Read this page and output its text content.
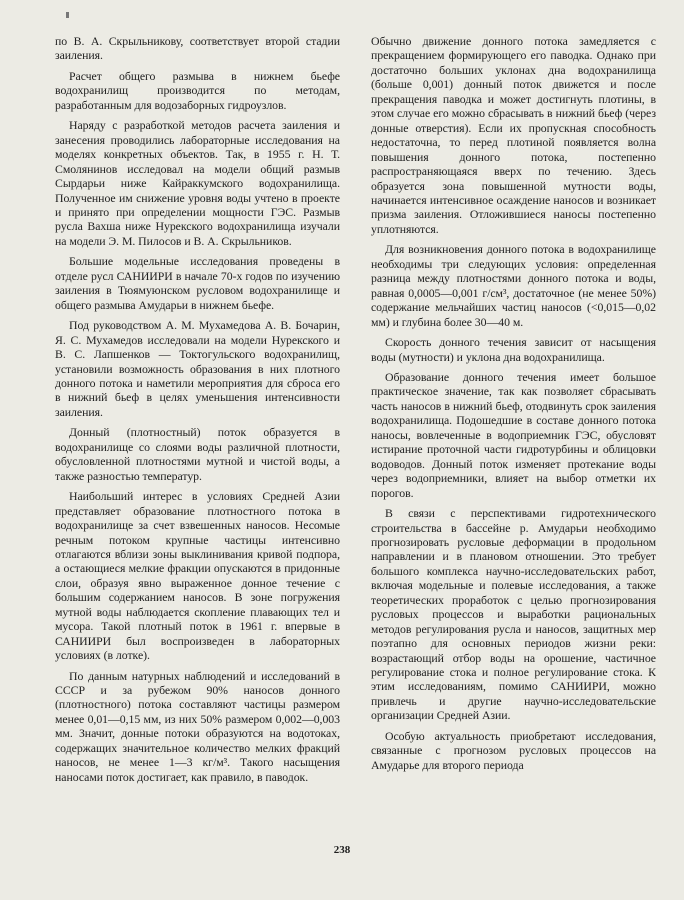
по В. А. Скрыльникову, соответствует второй стадии заиления.

Расчет общего размыва в нижнем бьефе водохранилищ производится по методам, разработанным для водозаборных гидроузлов.

Наряду с разработкой методов расчета заиления и занесения проводились лабораторные исследования на моделях конкретных объектов. Так, в 1955 г. Н. Т. Смолянинов исследовал на модели общий размыв Сырдарьи ниже Кайраккумского водохранилища. Полученное им снижение уровня воды учтено в проекте и принято при определении мощности ГЭС. Размыв русла Вахша ниже Нурекского водохранилища изучали на модели Э. М. Пилосов и В. А. Скрыльников.

Большие модельные исследования проведены в отделе русл САНИИРИ в начале 70-х годов по изучению заиления в Тюямуюнском русловом водохранилище и общего размыва Амударьи в нижнем бьефе.

Под руководством А. М. Мухамедова А. В. Бочарин, Я. С. Мухамедов исследовали на модели Нурекского и В. С. Лапшенков — Токтогульского водохранилищ, установили возможность образования в них плотного донного потока и наметили мероприятия для сброса его в нижний бьеф в целях уменьшения интенсивности заиления.

Донный (плотностный) поток образуется в водохранилище со слоями воды различной плотности, обусловленной плотностями мутной и чистой воды, а также разностью температур.

Наибольший интерес в условиях Средней Азии представляет образование плотностного потока в водохранилище за счет взвешенных наносов. Несомые речным потоком крупные частицы интенсивно отлагаются вблизи зоны выклинивания кривой подпора, а остающиеся мелкие фракции опускаются в придонные слои, образуя явно выраженное донное течение с большим содержанием наносов. В зоне погружения мутной воды наблюдается скопление плавающих тел и мусора. Такой плотный поток в 1961 г. впервые в САНИИРИ был воспроизведен в лабораторных условиях (в лотке).

По данным натурных наблюдений и исследований в СССР и за рубежом 90% наносов донного (плотностного) потока составляют частицы размером менее 0,01—0,15 мм, из них 50% размером 0,002—0,003 мм. Значит, донные потоки образуются на водотоках, содержащих значительное количество мелких фракций наносов, не менее 1—3 кг/м³. Такого насыщения наносами поток достигает, как правило, в паводок.

Обычно движение донного потока замедляется с прекращением формирующего его паводка. Однако при достаточно больших уклонах дна водохранилища (больше 0,001) донный поток движется и после прекращения паводка и может достигнуть плотины, в этом случае его можно сбрасывать в нижний бьеф (через донные отверстия). Если их пропускная способность недостаточна, то перед плотиной появляется волна повышения донного потока, постепенно распространяющаяся вверх по течению. Здесь образуется зона повышенной мутности воды, начинается интенсивное осаждение наносов и возникает призма заиления. Отложившиеся наносы постепенно уплотняются.

Для возникновения донного потока в водохранилище необходимы три следующих условия: определенная разница между плотностями донного потока и воды, равная 0,0005—0,001 г/см³, достаточное (не менее 50%) содержание мельчайших частиц наносов (<0,015—0,02 мм) и глубина более 30—40 м.

Скорость донного течения зависит от насыщения воды (мутности) и уклона дна водохранилища.

Образование донного течения имеет большое практическое значение, так как позволяет сбрасывать часть наносов в нижний бьеф, отодвинуть срок заиления водохранилища. Подошедшие в составе донного потока наносы, вовлеченные в водоприемник ГЭС, обусловят истирание проточной части гидротурбины и облицовки водоводов. Донный поток изменяет протекание воды через водоприемники, влияет на выбор отметки их порогов.

В связи с перспективами гидротехнического строительства в бассейне р. Амударьи необходимо прогнозировать русловые деформации в продольном направлении и в плановом отношении. Это требует большого комплекса научно-исследовательских работ, включая модельные и полевые исследования, а также теоретических проработок с целью прогнозирования русловых процессов и выработки рациональных методов регулирования русла и наносов, защитных мер поэтапно для основных периодов жизни реки: возрастающий отбор воды на орошение, частичное регулирование стока и полное регулирование стока. К этим исследованиям, помимо САНИИРИ, можно привлечь и другие научно-исследовательские организации Средней Азии.

Особую актуальность приобретают исследования, связанные с прогнозом русловых процессов на Амударье для второго периода

238
